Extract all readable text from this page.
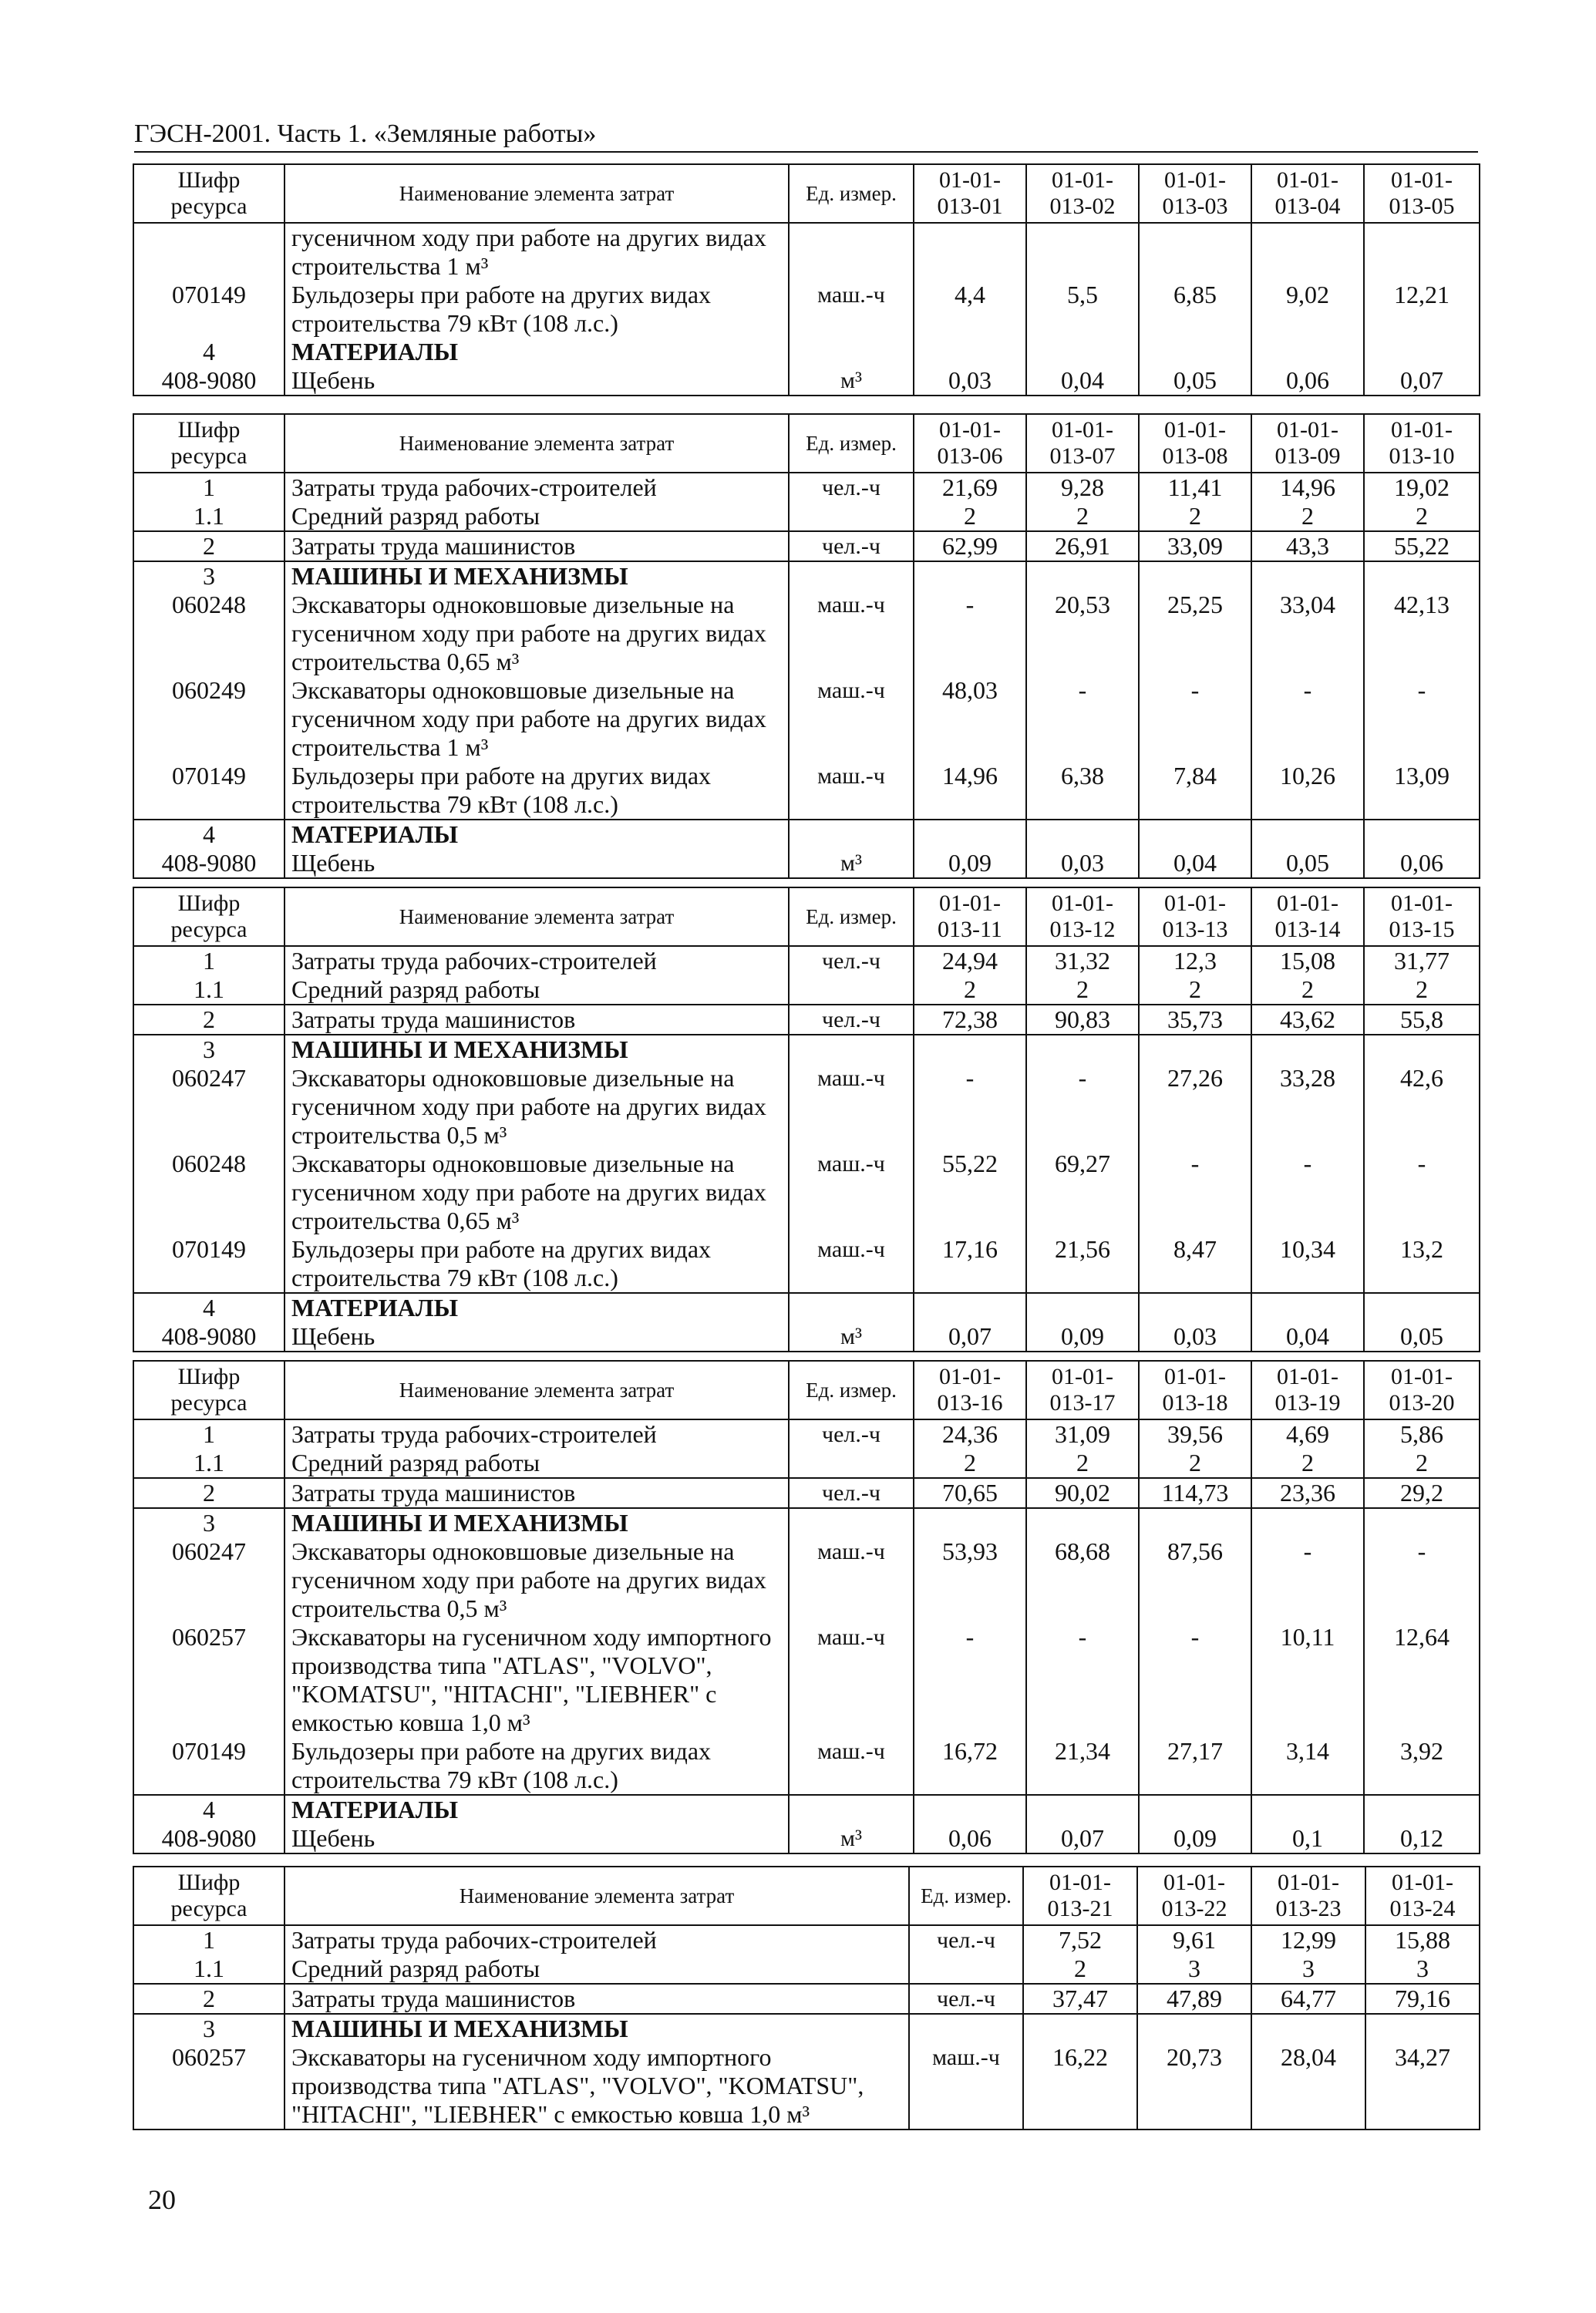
ГЭСН-2001. Часть 1. «Земляные работы»
Шифр ресурса	Наименование элемента затрат	Ед. измер.	01-01-013-01	01-01-013-02	01-01-013-03	01-01-013-04	01-01-013-05
	гусеничном ходу при работе на других видах строительства 1 м³						
070149	Бульдозеры при работе на других видах строительства 79 кВт (108 л.с.)	маш.-ч	4,4	5,5	6,85	9,02	12,21
4	МАТЕРИАЛЫ						
408-9080	Щебень	м³	0,03	0,04	0,05	0,06	0,07
Шифр ресурса	Наименование элемента затрат	Ед. измер.	01-01-013-06	01-01-013-07	01-01-013-08	01-01-013-09	01-01-013-10
1	Затраты труда рабочих-строителей	чел.-ч	21,69	9,28	11,41	14,96	19,02
1.1	Средний разряд работы		2	2	2	2	2
2	Затраты труда машинистов	чел.-ч	62,99	26,91	33,09	43,3	55,22
3	МАШИНЫ И МЕХАНИЗМЫ						
060248	Экскаваторы одноковшовые дизельные на гусеничном ходу при работе на других видах строительства 0,65 м³	маш.-ч	-	20,53	25,25	33,04	42,13
060249	Экскаваторы одноковшовые дизельные на гусеничном ходу при работе на других видах строительства 1 м³	маш.-ч	48,03	-	-	-	-
070149	Бульдозеры при работе на других видах строительства 79 кВт (108 л.с.)	маш.-ч	14,96	6,38	7,84	10,26	13,09
4	МАТЕРИАЛЫ						
408-9080	Щебень	м³	0,09	0,03	0,04	0,05	0,06
Шифр ресурса	Наименование элемента затрат	Ед. измер.	01-01-013-11	01-01-013-12	01-01-013-13	01-01-013-14	01-01-013-15
1	Затраты труда рабочих-строителей	чел.-ч	24,94	31,32	12,3	15,08	31,77
1.1	Средний разряд работы		2	2	2	2	2
2	Затраты труда машинистов	чел.-ч	72,38	90,83	35,73	43,62	55,8
3	МАШИНЫ И МЕХАНИЗМЫ						
060247	Экскаваторы одноковшовые дизельные на гусеничном ходу при работе на других видах строительства 0,5 м³	маш.-ч	-	-	27,26	33,28	42,6
060248	Экскаваторы одноковшовые дизельные на гусеничном ходу при работе на других видах строительства 0,65 м³	маш.-ч	55,22	69,27	-	-	-
070149	Бульдозеры при работе на других видах строительства 79 кВт (108 л.с.)	маш.-ч	17,16	21,56	8,47	10,34	13,2
4	МАТЕРИАЛЫ						
408-9080	Щебень	м³	0,07	0,09	0,03	0,04	0,05
Шифр ресурса	Наименование элемента затрат	Ед. измер.	01-01-013-16	01-01-013-17	01-01-013-18	01-01-013-19	01-01-013-20
1	Затраты труда рабочих-строителей	чел.-ч	24,36	31,09	39,56	4,69	5,86
1.1	Средний разряд работы		2	2	2	2	2
2	Затраты труда машинистов	чел.-ч	70,65	90,02	114,73	23,36	29,2
3	МАШИНЫ И МЕХАНИЗМЫ						
060247	Экскаваторы одноковшовые дизельные на гусеничном ходу при работе на других видах строительства 0,5 м³	маш.-ч	53,93	68,68	87,56	-	-
060257	Экскаваторы на гусеничном ходу импортного производства типа "ATLAS", "VOLVO", "KOMATSU", "HITACHI", "LIEBHER" с емкостью ковша 1,0 м³	маш.-ч	-	-	-	10,11	12,64
070149	Бульдозеры при работе на других видах строительства 79 кВт (108 л.с.)	маш.-ч	16,72	21,34	27,17	3,14	3,92
4	МАТЕРИАЛЫ						
408-9080	Щебень	м³	0,06	0,07	0,09	0,1	0,12
Шифр ресурса	Наименование элемента затрат	Ед. измер.	01-01-013-21	01-01-013-22	01-01-013-23	01-01-013-24
1	Затраты труда рабочих-строителей	чел.-ч	7,52	9,61	12,99	15,88
1.1	Средний разряд работы		2	3	3	3
2	Затраты труда машинистов	чел.-ч	37,47	47,89	64,77	79,16
3	МАШИНЫ И МЕХАНИЗМЫ					
060257	Экскаваторы на гусеничном ходу импортного производства типа "ATLAS", "VOLVO", "KOMATSU", "HITACHI", "LIEBHER" с емкостью ковша 1,0 м³	маш.-ч	16,22	20,73	28,04	34,27
20
